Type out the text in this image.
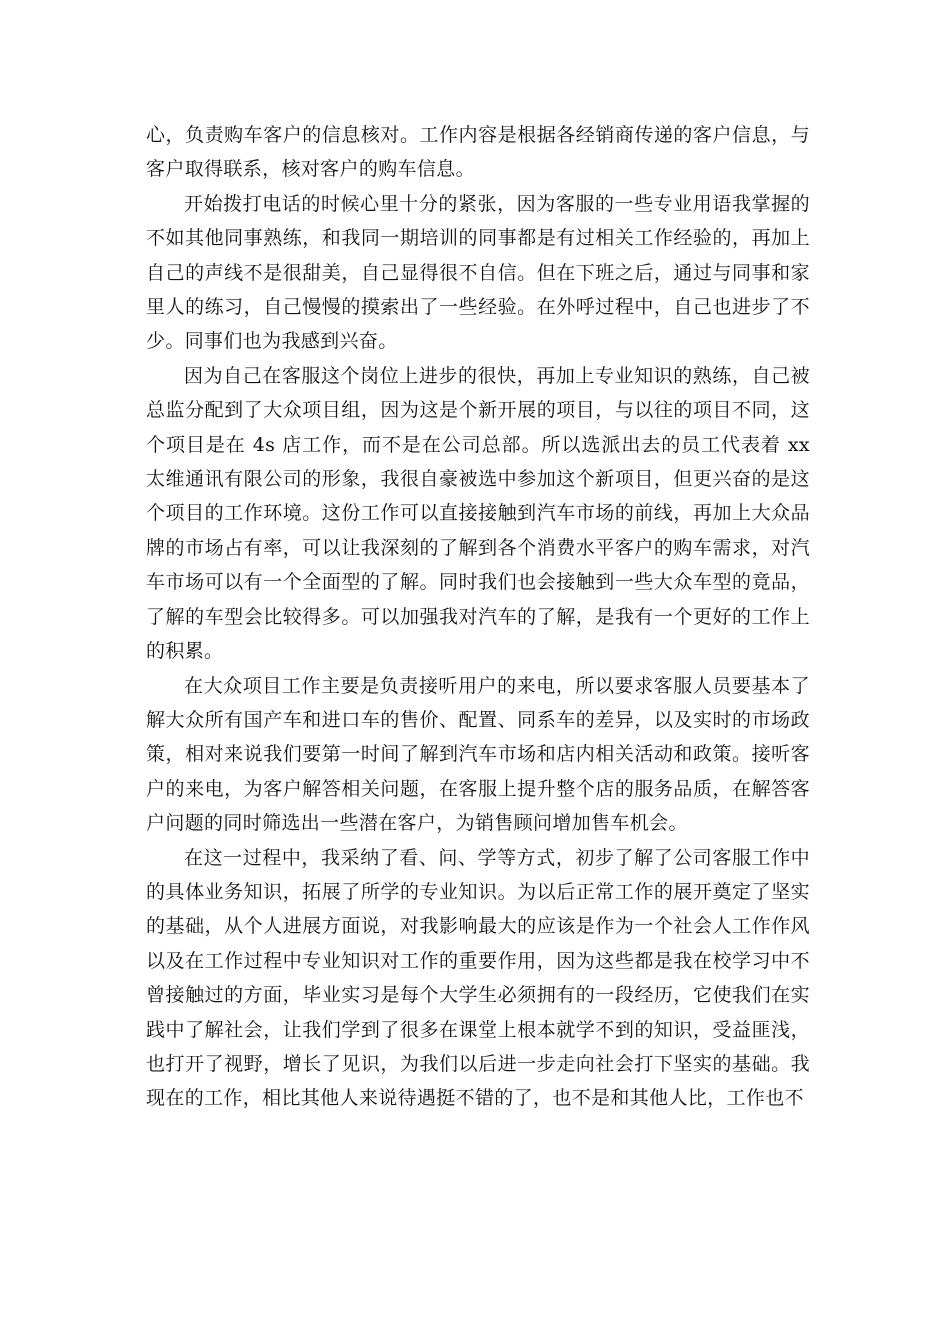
心，负责购车客户的信息核对。工作内容是根据各经销商传递的客户信息，与客户取得联系，核对客户的购车信息。

开始拨打电话的时候心里十分的紧张，因为客服的一些专业用语我掌握的不如其他同事熟练，和我同一期培训的同事都是有过相关工作经验的，再加上自己的声线不是很甜美，自己显得很不自信。但在下班之后，通过与同事和家里人的练习，自己慢慢的摸索出了一些经验。在外呼过程中，自己也进步了不少。同事们也为我感到兴奋。

因为自己在客服这个岗位上进步的很快，再加上专业知识的熟练，自己被总监分配到了大众项目组，因为这是个新开展的项目，与以往的项目不同，这个项目是在 4s 店工作，而不是在公司总部。所以选派出去的员工代表着 xx 太维通讯有限公司的形象，我很自豪被选中参加这个新项目，但更兴奋的是这个项目的工作环境。这份工作可以直接接触到汽车市场的前线，再加上大众品牌的市场占有率，可以让我深刻的了解到各个消费水平客户的购车需求，对汽车市场可以有一个全面型的了解。同时我们也会接触到一些大众车型的竟品，了解的车型会比较得多。可以加强我对汽车的了解，是我有一个更好的工作上的积累。

在大众项目工作主要是负责接听用户的来电，所以要求客服人员要基本了解大众所有国产车和进口车的售价、配置、同系车的差异，以及实时的市场政策，相对来说我们要第一时间了解到汽车市场和店内相关活动和政策。接听客户的来电，为客户解答相关问题，在客服上提升整个店的服务品质，在解答客户问题的同时筛选出一些潜在客户，为销售顾问增加售车机会。

在这一过程中，我采纳了看、问、学等方式，初步了解了公司客服工作中的具体业务知识，拓展了所学的专业知识。为以后正常工作的展开奠定了坚实的基础，从个人进展方面说，对我影响最大的应该是作为一个社会人工作作风以及在工作过程中专业知识对工作的重要作用，因为这些都是我在校学习中不曾接触过的方面，毕业实习是每个大学生必须拥有的一段经历，它使我们在实践中了解社会，让我们学到了很多在课堂上根本就学不到的知识，受益匪浅，也打开了视野，增长了见识，为我们以后进一步走向社会打下坚实的基础。我现在的工作，相比其他人来说待遇挺不错的了，也不是和其他人比，工作也不
